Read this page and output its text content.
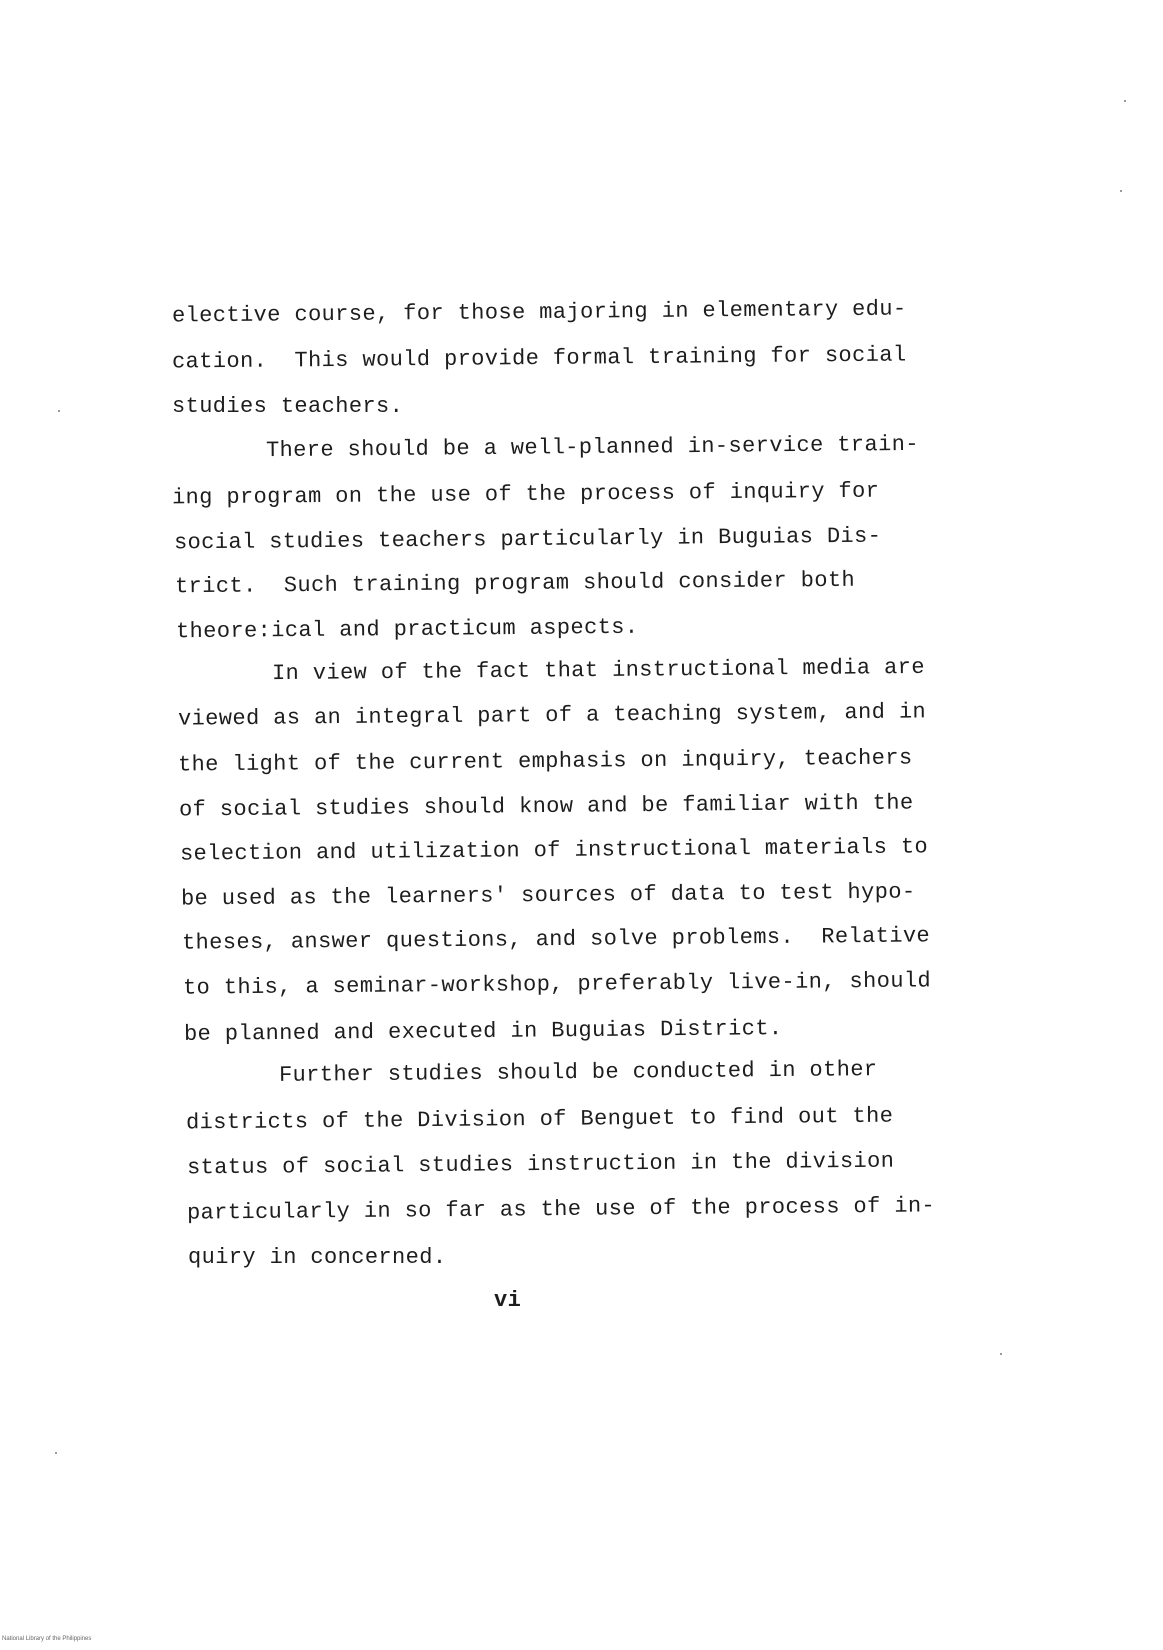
elective course, for those majoring in elementary edu-

cation.  This would provide formal training for social

studies teachers.

There should be a well-planned in-service train-

ing program on the use of the process of inquiry for

social studies teachers particularly in Buguias Dis-

trict.  Such training program should consider both

theore:ical and practicum aspects.

In view of the fact that instructional media are

viewed as an integral part of a teaching system, and in

the light of the current emphasis on inquiry, teachers

of social studies should know and be familiar with the

selection and utilization of instructional materials to

be used as the learners' sources of data to test hypo-

theses, answer questions, and solve problems.  Relative

to this, a seminar-workshop, preferably live-in, should

be planned and executed in Buguias District.

Further studies should be conducted in other

districts of the Division of Benguet to find out the

status of social studies instruction in the division

particularly in so far as the use of the process of in-

quiry in concerned.

vi

National Library of the Philippines
